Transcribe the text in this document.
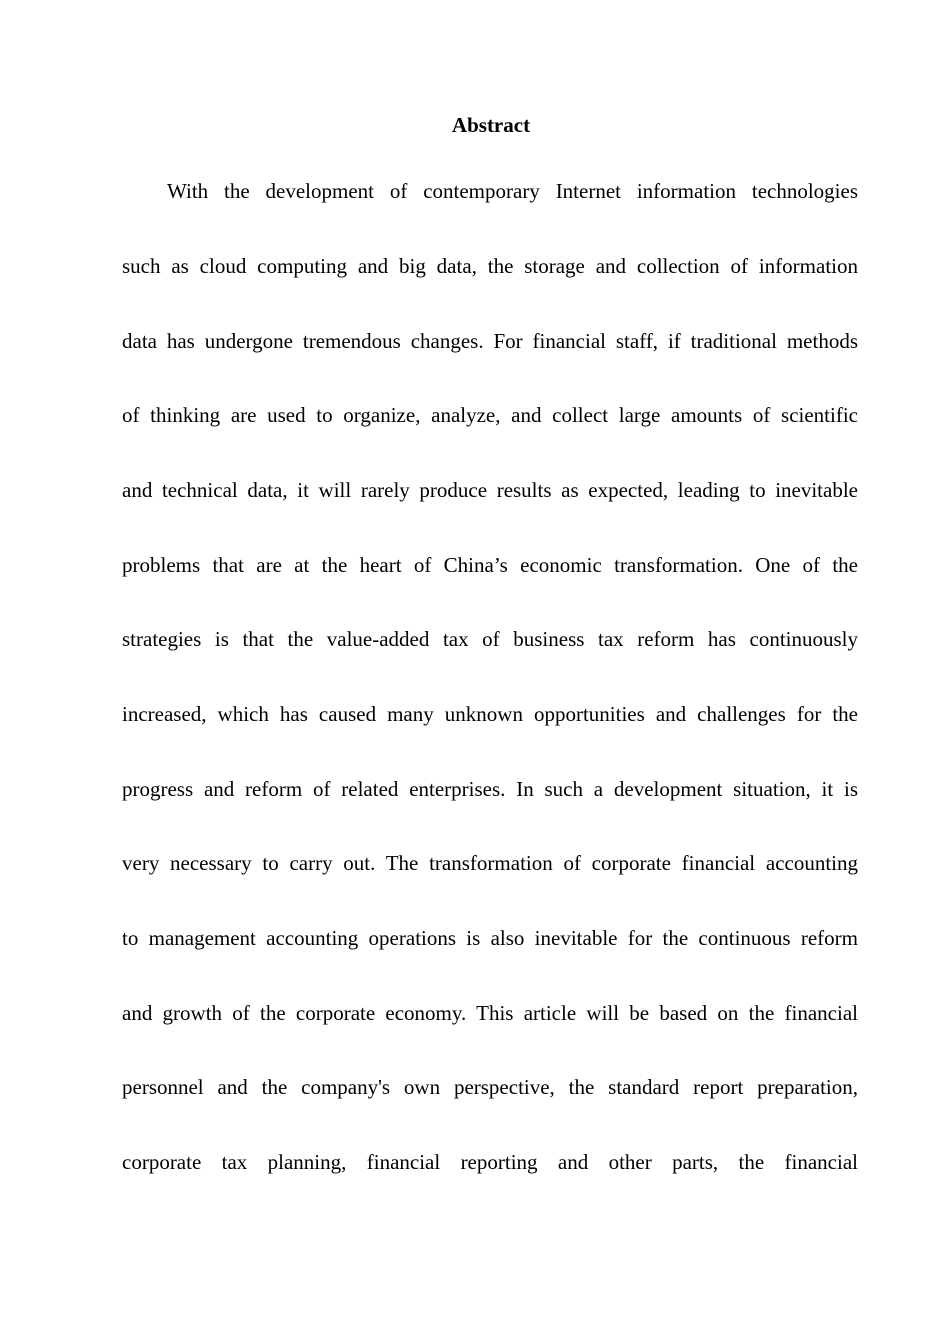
Abstract
With the development of contemporary Internet information technologies
such as cloud computing and big data, the storage and collection of information
data has undergone tremendous changes. For financial staff, if traditional methods
of thinking are used to organize, analyze, and collect large amounts of scientific
and technical data, it will rarely produce results as expected, leading to inevitable
problems that are at the heart of China’s economic transformation. One of the
strategies is that the value-added tax of business tax reform has continuously
increased, which has caused many unknown opportunities and challenges for the
progress and reform of related enterprises. In such a development situation, it is
very necessary to carry out. The transformation of corporate financial accounting
to management accounting operations is also inevitable for the continuous reform
and growth of the corporate economy. This article will be based on the financial
personnel and the company's own perspective, the standard report preparation,
corporate tax planning, financial reporting and other parts, the financial
